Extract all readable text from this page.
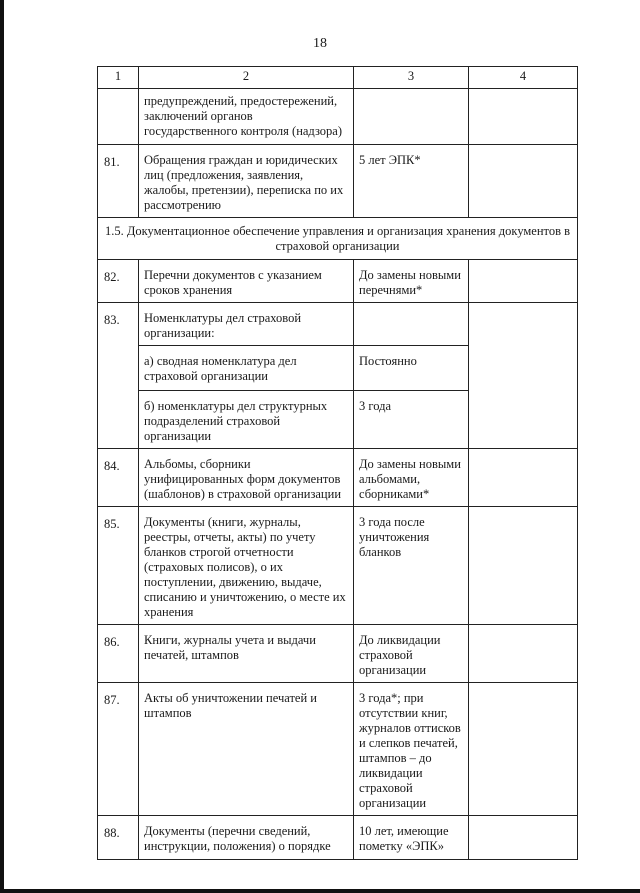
18
1	2	3	4
	предупреждений, предостережений, заключений органов государственного контроля (надзора)		
81.	Обращения граждан и юридических лиц (предложения, заявления, жалобы, претензии), переписка по их рассмотрению	5 лет ЭПК*	
1.5. Документационное обеспечение управления и организация хранения документов в страховой организации			
82.	Перечни документов с указанием сроков хранения	До замены новыми перечнями*	
83.	Номенклатуры дел страховой организации:		
	а) сводная номенклатура дел страховой организации	Постоянно	
	б) номенклатуры дел структурных подразделений страховой организации	3 года	
84.	Альбомы, сборники унифицированных форм документов (шаблонов) в страховой организации	До замены новыми альбомами, сборниками*	
85.	Документы (книги, журналы, реестры, отчеты, акты) по учету бланков строгой отчетности (страховых полисов), о их поступлении, движению, выдаче, списанию и уничтожению, о месте их хранения	3 года после уничтожения бланков	
86.	Книги, журналы учета и выдачи печатей, штампов	До ликвидации страховой организации	
87.	Акты об уничтожении печатей и штампов	3 года*; при отсутствии книг, журналов оттисков и слепков печатей, штампов – до ликвидации страховой организации	
88.	Документы (перечни сведений, инструкции, положения) о порядке	10 лет, имеющие пометку «ЭПК»	
